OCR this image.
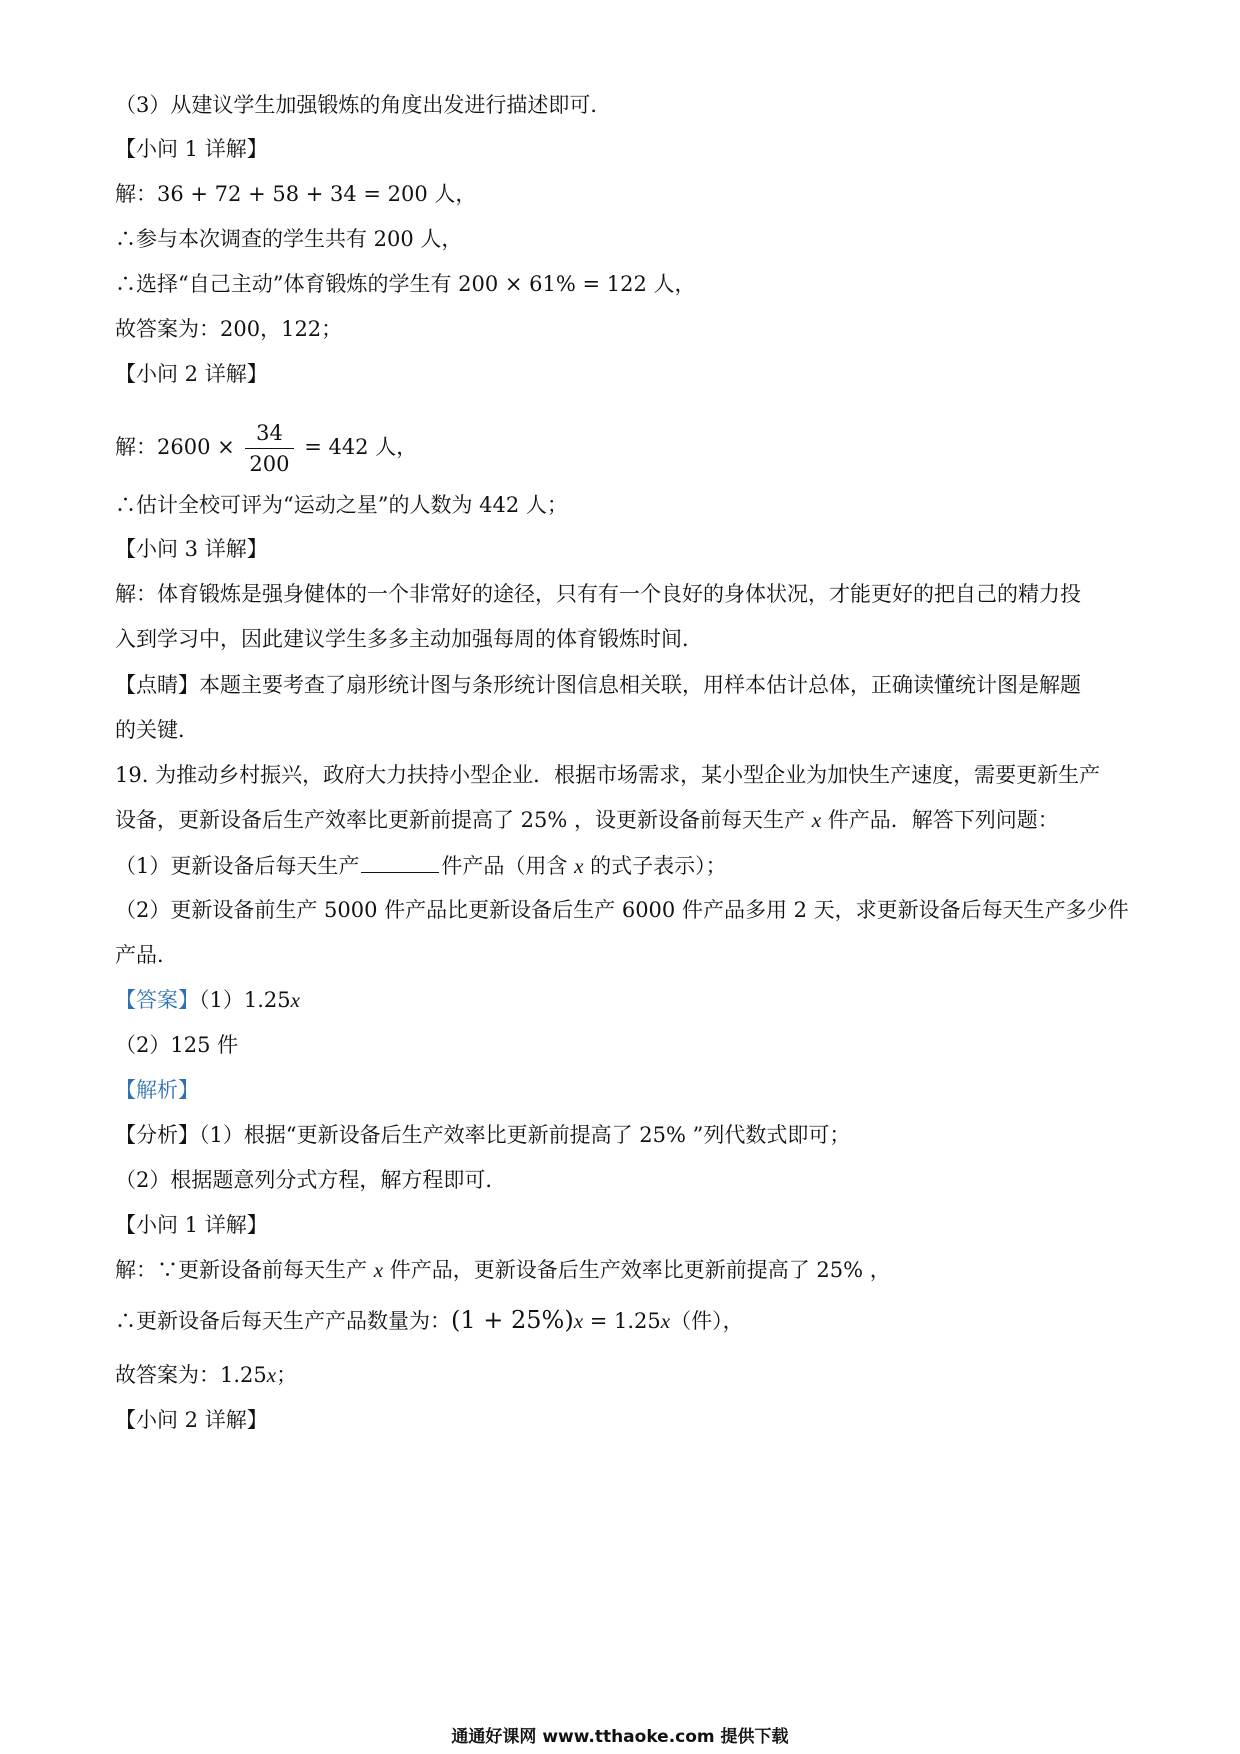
（3）从建议学生加强锻炼的角度出发进行描述即可．
【小问 1 详解】
解：36 + 72 + 58 + 34 = 200 人，
∴参与本次调查的学生共有 200 人，
∴选择“自己主动”体育锻炼的学生有 200 × 61% = 122 人，
故答案为：200，122；
【小问 2 详解】
解：$2600 \times \frac{34}{200} = 442$ 人，
∴估计全校可评为“运动之星”的人数为 442 人；
【小问 3 详解】
解：体育锻炼是强身健体的一个非常好的途径，只有有一个良好的身体状况，才能更好的把自己的精力投
入到学习中，因此建议学生多多主动加强每周的体育锻炼时间．
【点睛】本题主要考查了扇形统计图与条形统计图信息相关联，用样本估计总体，正确读懂统计图是解题
的关键．
19. 为推动乡村振兴，政府大力扶持小型企业．根据市场需求，某小型企业为加快生产速度，需要更新生产
设备，更新设备后生产效率比更新前提高了 25% ，设更新设备前每天生产 x 件产品．解答下列问题：
（1）更新设备后每天生产	件产品（用含 x 的式子表示）；
（2）更新设备前生产 5000 件产品比更新设备后生产 6000 件产品多用 2 天，求更新设备后每天生产多少件
产品．
【答案】（1）1.25x
（2）125 件
【解析】
【分析】（1）根据“更新设备后生产效率比更新前提高了 25% ”列代数式即可；
（2）根据题意列分式方程，解方程即可．
【小问 1 详解】
解：∵更新设备前每天生产 x 件产品，更新设备后生产效率比更新前提高了 25% ，
∴更新设备后每天生产产品数量为：(1 + 25%)x = 1.25x（件），
故答案为：1.25x；
【小问 2 详解】
通通好课网 www.tthaoke.com 提供下载
